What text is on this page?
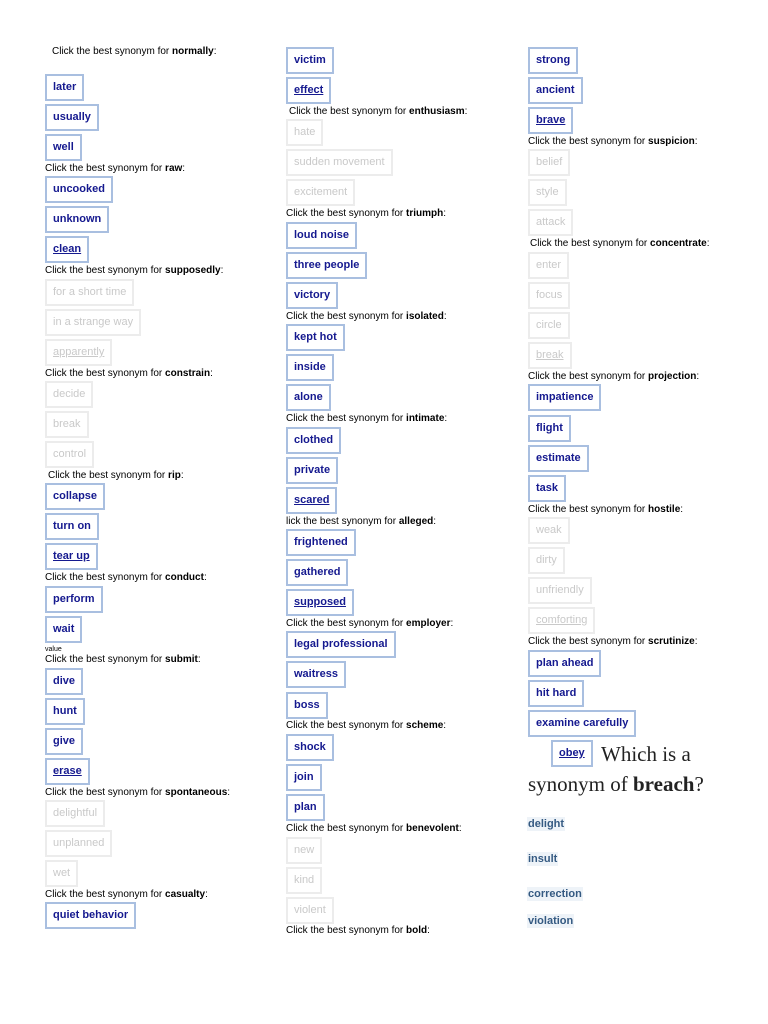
Click the best synonym for normally:
later
usually
well
Click the best synonym for raw:
uncooked
unknown
clean
Click the best synonym for supposedly:
for a short time
in a strange way
apparently
Click the best synonym for constrain:
decide
break
control
Click the best synonym for rip:
collapse
turn on
tear up
Click the best synonym for conduct:
perform
wait
value
Click the best synonym for submit:
dive
hunt
give
erase
Click the best synonym for spontaneous:
delightful
unplanned
wet
Click the best synonym for casualty:
quiet behavior
victim
effect
Click the best synonym for enthusiasm:
hate
sudden movement
excitement
Click the best synonym for triumph:
loud noise
three people
victory
Click the best synonym for isolated:
kept hot
inside
alone
Click the best synonym for intimate:
clothed
private
scared
lick the best synonym for alleged:
frightened
gathered
supposed
Click the best synonym for employer:
legal professional
waitress
boss
Click the best synonym for scheme:
shock
join
plan
Click the best synonym for benevolent:
new
kind
violent
Click the best synonym for bold:
strong
ancient
brave
Click the best synonym for suspicion:
belief
style
attack
Click the best synonym for concentrate:
enter
focus
circle
break
Click the best synonym for projection:
impatience
flight
estimate
task
Click the best synonym for hostile:
weak
dirty
unfriendly
comforting
Click the best synonym for scrutinize:
plan ahead
hit hard
examine carefully
obey Which is a
synonym of breach?
delight
insult
correction
violation
